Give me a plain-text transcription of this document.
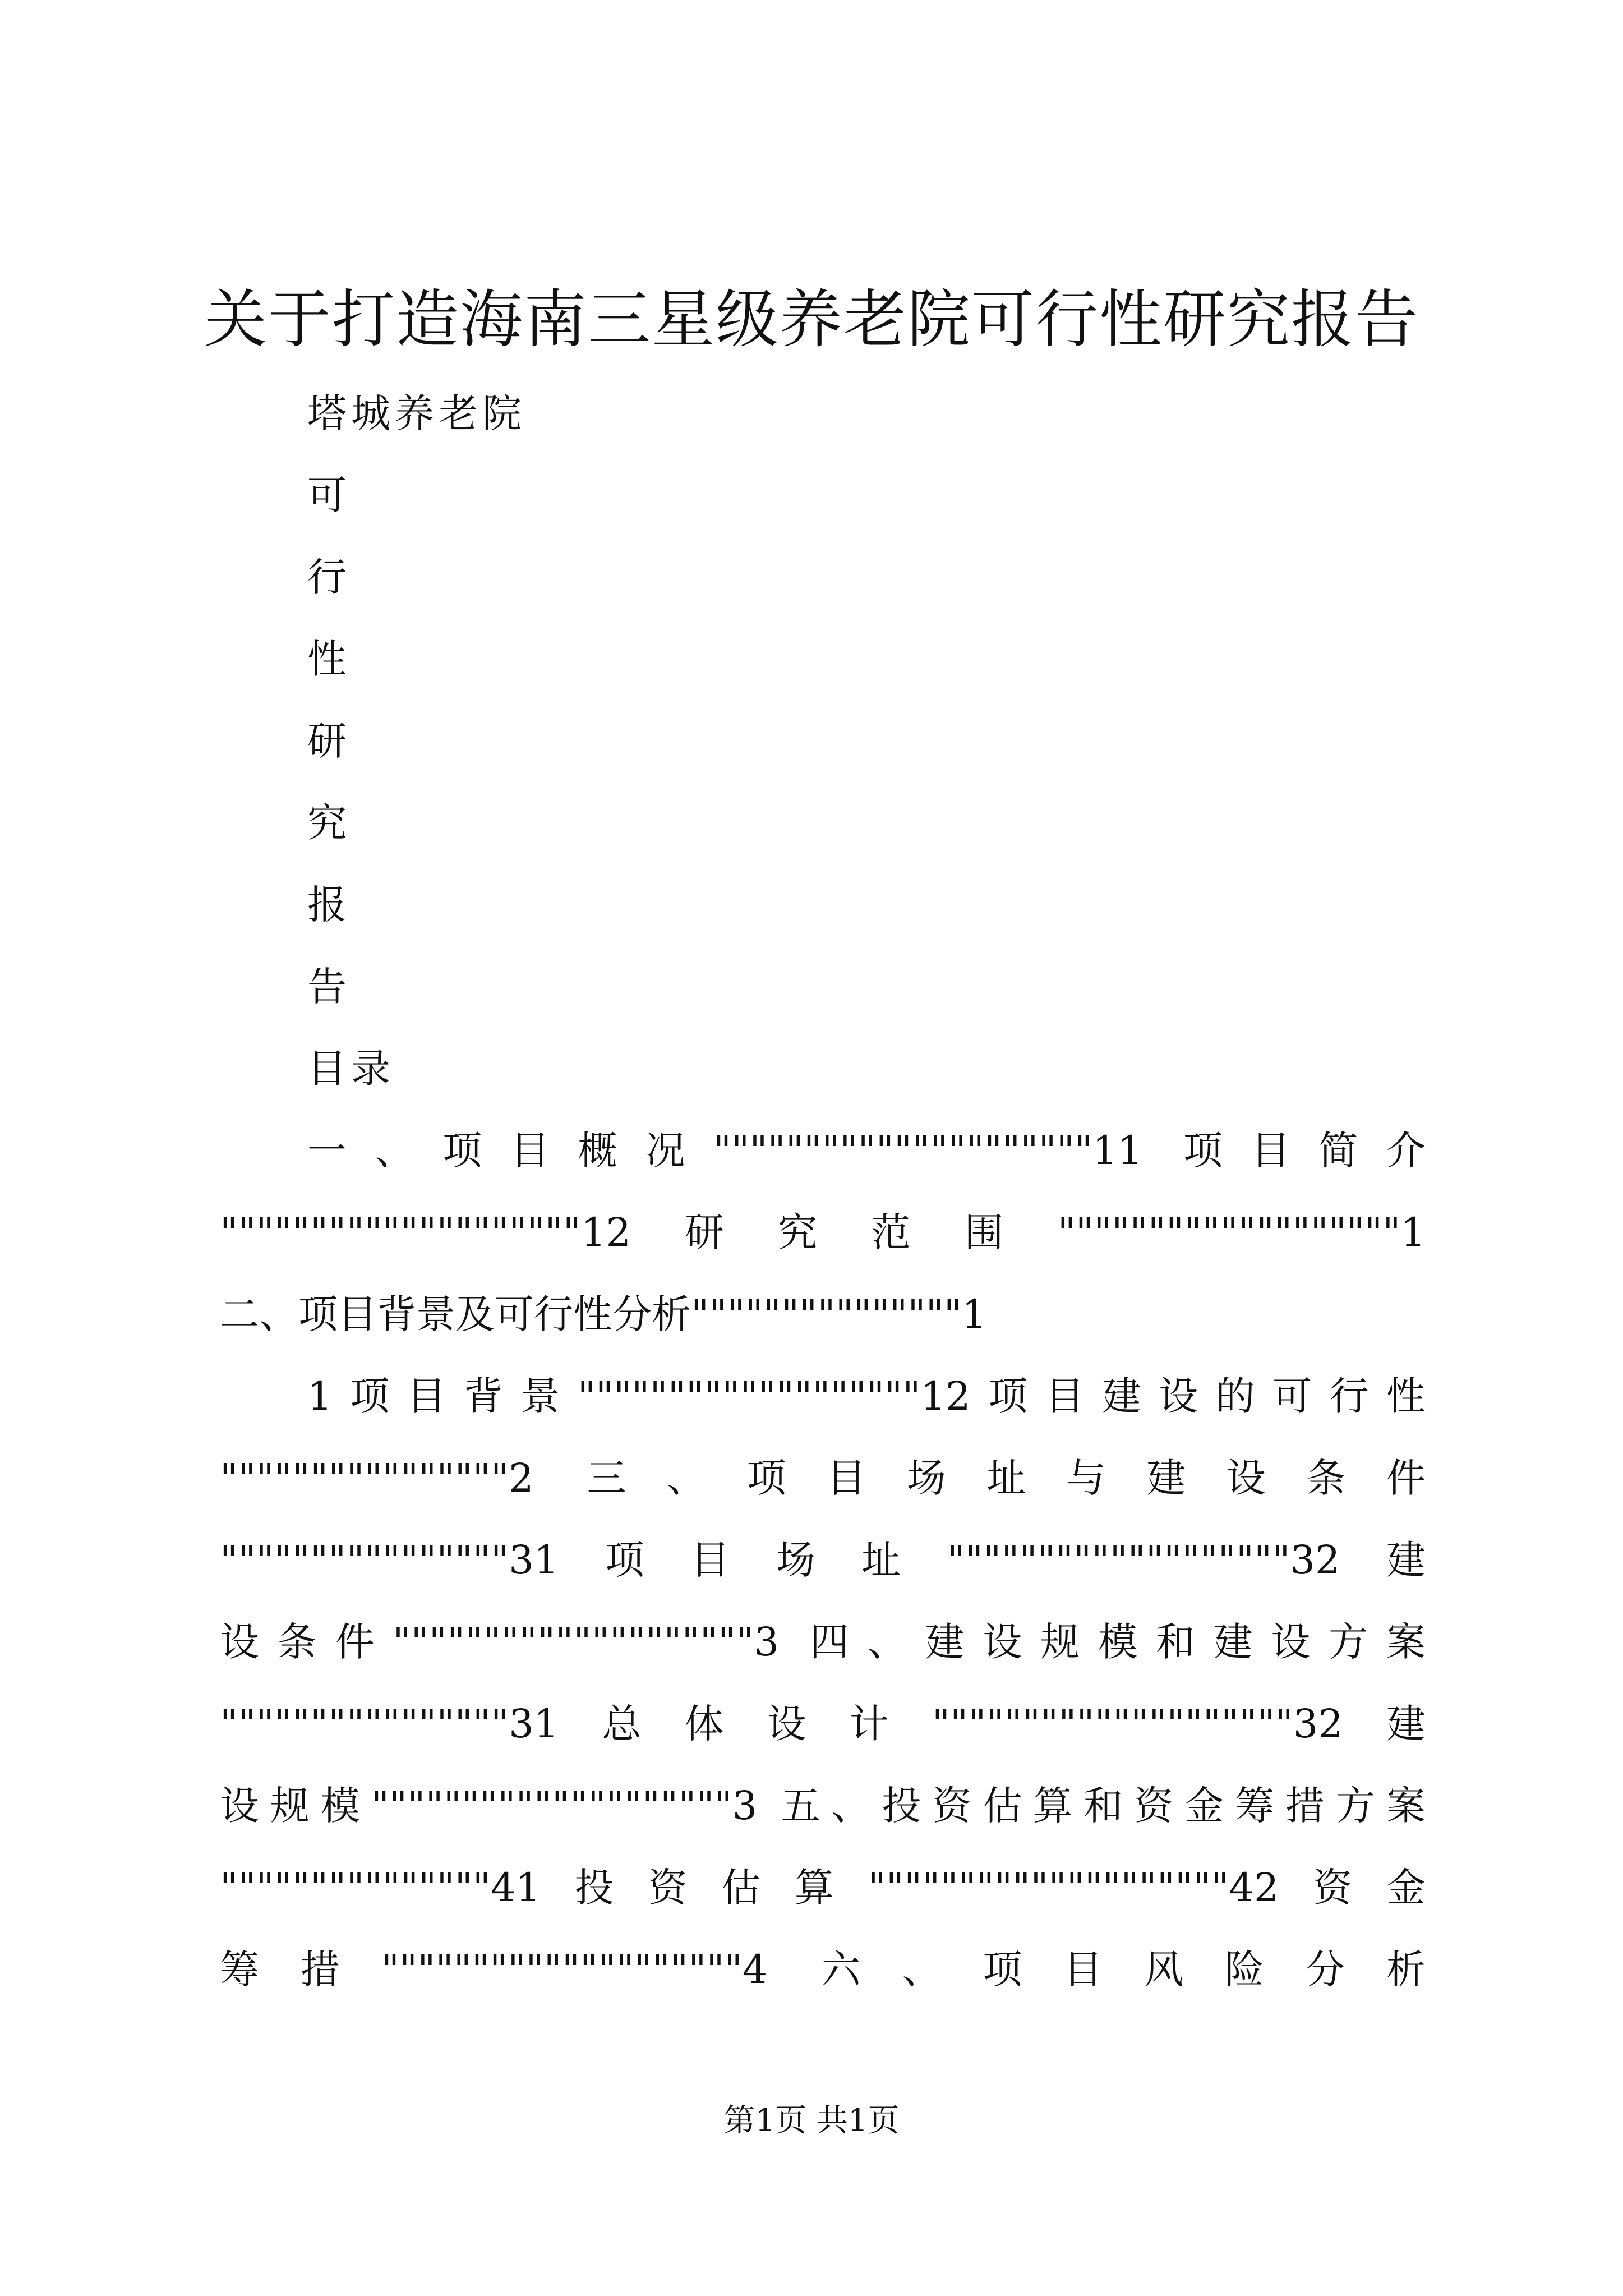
关于打造海南三星级养老院可行性研究报告
塔城养老院
可
行
性
研
究
报
告
目录
一、项目概况"""""""""""""""""""""11 项目简介
""""""""""""""""""""12研究范围"""""""""""""""""""1
二、项目背景及可行性分析"""""""""""""""1
1项目背景"""""""""""""""""""12项目建设的可行性
""""""""""""""""2 三、项目场址与建设条件
""""""""""""""""31项目场址"""""""""""""""""""32建
设条件""""""""""""""""""""3 四、建设规模和建设方案
""""""""""""""""31总体设计""""""""""""""""""""32建
设规模""""""""""""""""""""3 五、投资估算和资金筹措方案
"""""""""""""""41投资估算""""""""""""""""""""42资金
筹措""""""""""""""""""""4 六、项目风险分析
第1页 共1页
